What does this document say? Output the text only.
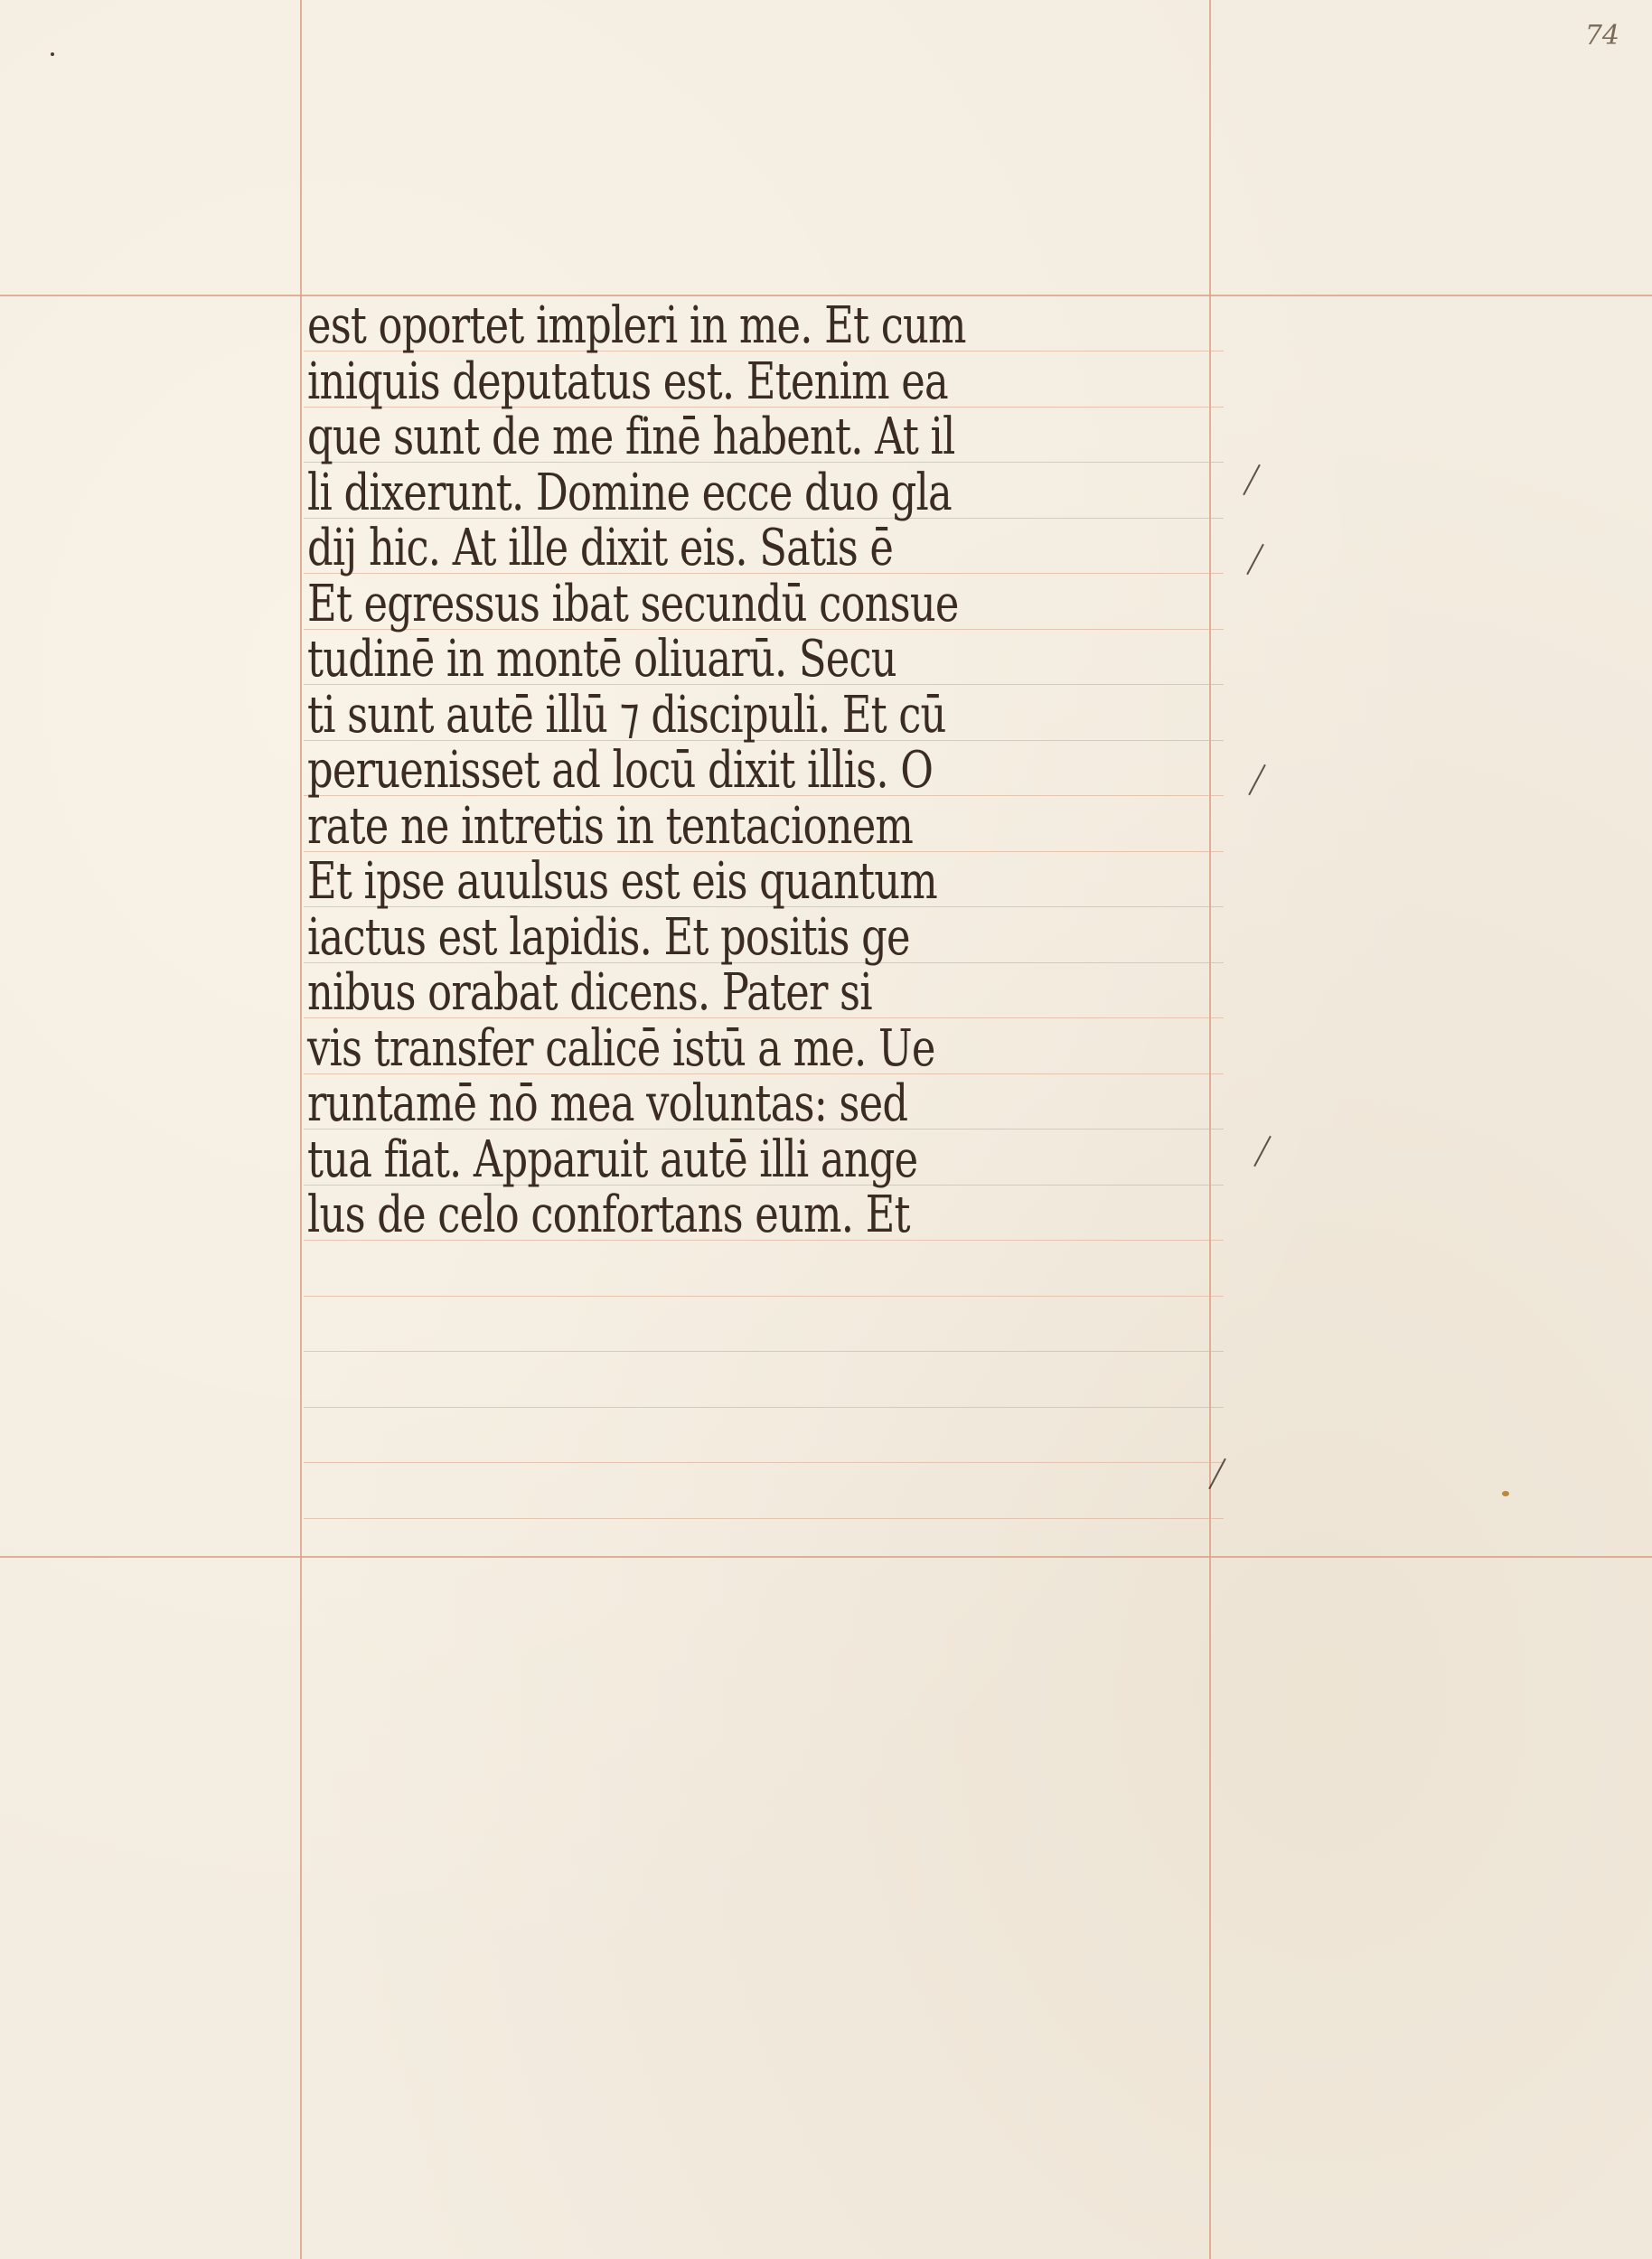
74
est oportet impleri in me. Et cum
iniquis deputatus est. Etenim ea
que sunt de me finē habent. At il
li dixerunt. Domine ecce duo gla
dij hic. At ille dixit eis. Satis ē
Et egressus ibat secundū consue
tudinē in montē oliuarū. Secu
ti sunt autē illū ⁊ discipuli. Et cū
peruenisset ad locū dixit illis. O
rate ne intretis in tentacionem
Et ipse auulsus est eis quantum
iactus est lapidis. Et positis ge
nibus orabat dicens. Pater si
vis transfer calicē istū a me. Ue
runtamē nō mea voluntas: sed
tua fiat. Apparuit autē illi ange
lus de celo confortans eum. Et
